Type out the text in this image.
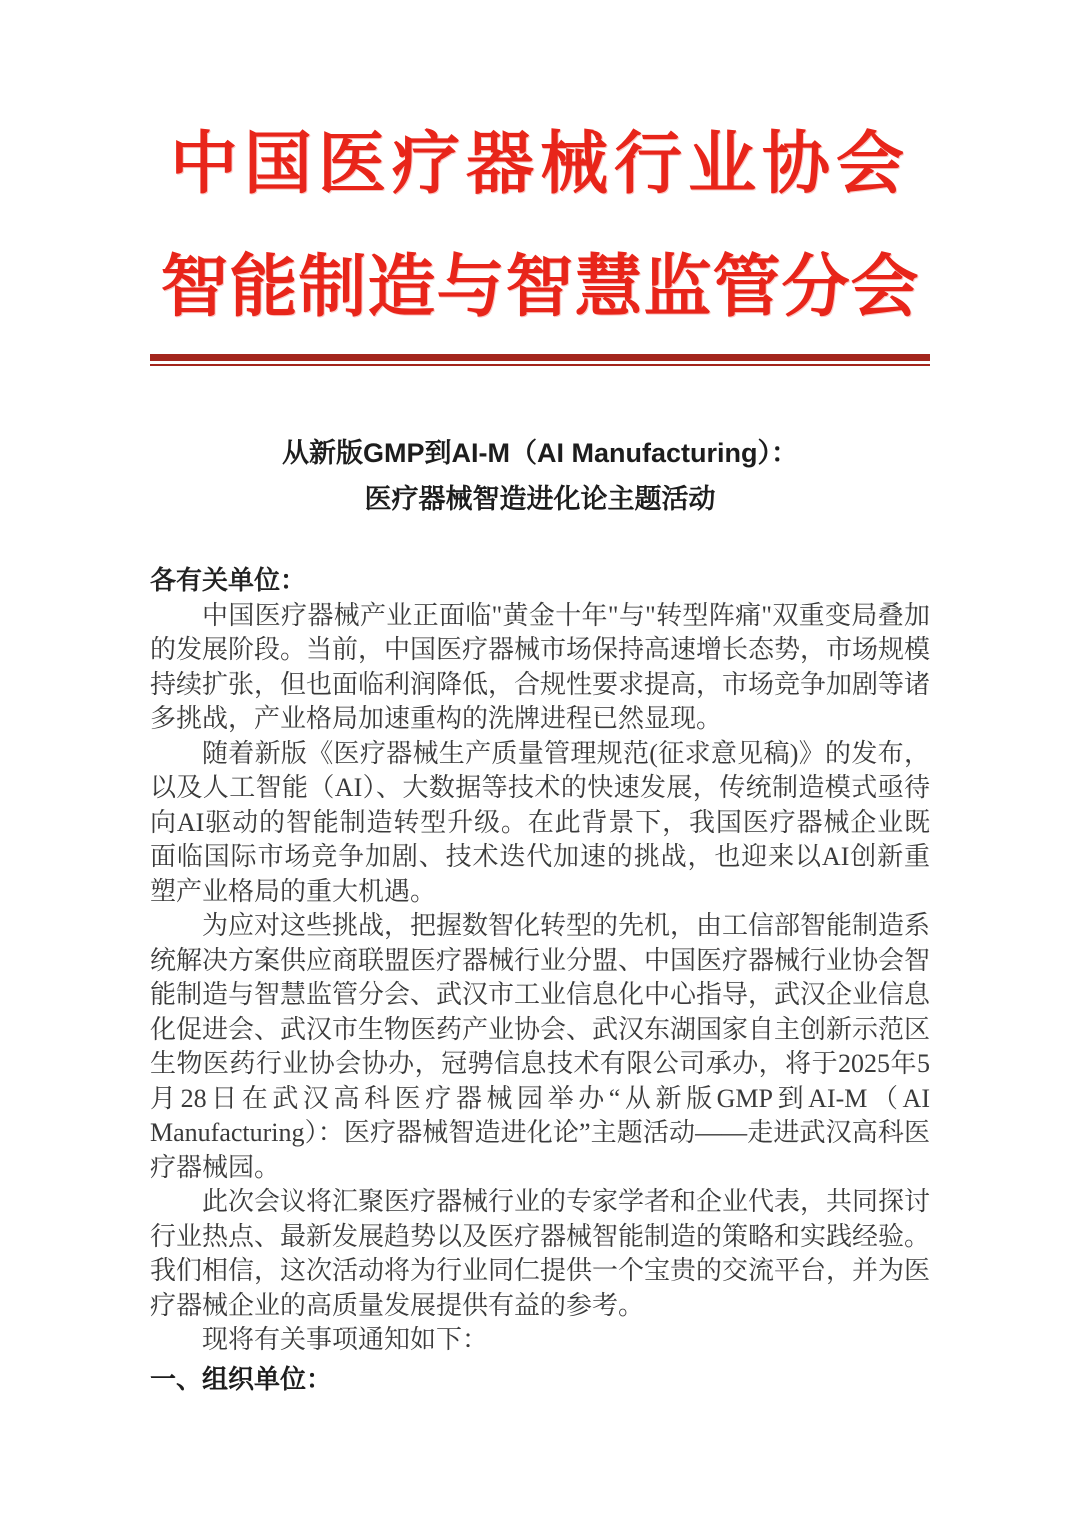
中国医疗器械行业协会
智能制造与智慧监管分会
从新版GMP到AI-M（AI Manufacturing）：
医疗器械智造进化论主题活动
各有关单位：

中国医疗器械产业正面临"黄金十年"与"转型阵痛"双重变局叠加的发展阶段。当前，中国医疗器械市场保持高速增长态势，市场规模持续扩张，但也面临利润降低，合规性要求提高，市场竞争加剧等诸多挑战，产业格局加速重构的洗牌进程已然显现。

随着新版《医疗器械生产质量管理规范(征求意见稿)》的发布，以及人工智能（AI）、大数据等技术的快速发展，传统制造模式亟待向AI驱动的智能制造转型升级。在此背景下，我国医疗器械企业既面临国际市场竞争加剧、技术迭代加速的挑战，也迎来以AI创新重塑产业格局的重大机遇。

为应对这些挑战，把握数智化转型的先机，由工信部智能制造系统解决方案供应商联盟医疗器械行业分盟、中国医疗器械行业协会智能制造与智慧监管分会、武汉市工业信息化中心指导，武汉企业信息化促进会、武汉市生物医药产业协会、武汉东湖国家自主创新示范区生物医药行业协会协办，冠骋信息技术有限公司承办，将于2025年5月28日在武汉高科医疗器械园举办“从新版GMP到AI-M（AI Manufacturing）：医疗器械智造进化论”主题活动——走进武汉高科医疗器械园。

此次会议将汇聚医疗器械行业的专家学者和企业代表，共同探讨行业热点、最新发展趋势以及医疗器械智能制造的策略和实践经验。我们相信，这次活动将为行业同仁提供一个宝贵的交流平台，并为医疗器械企业的高质量发展提供有益的参考。

现将有关事项通知如下：

一、组织单位：
